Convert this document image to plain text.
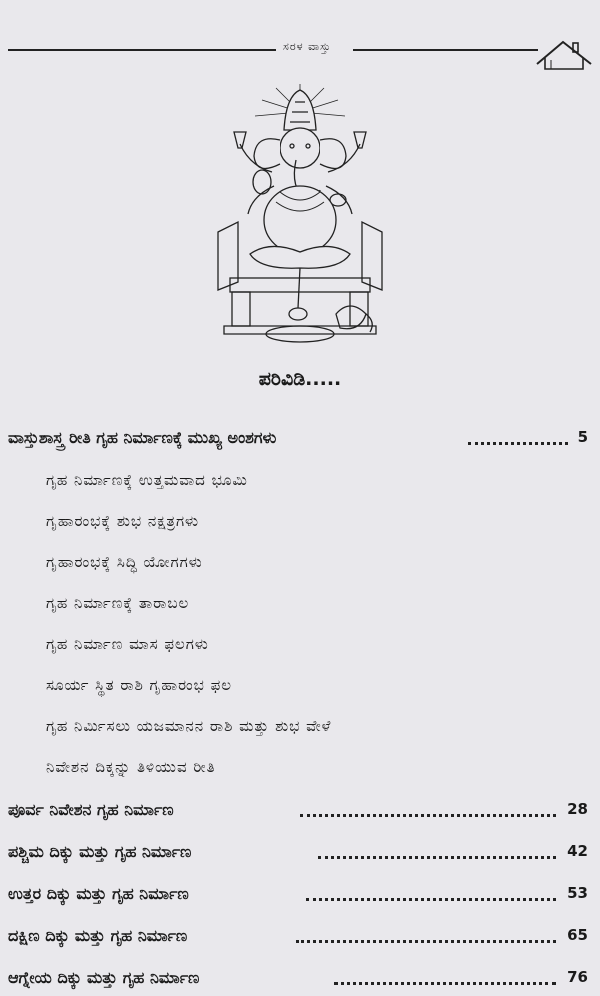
ಸರಳ ವಾಸ್ತು
ಪರಿವಿಡಿ.....
ವಾಸ್ತುಶಾಸ್ತ್ರ ರೀತಿ ಗೃಹ ನಿರ್ಮಾಣಕ್ಕೆ ಮುಖ್ಯ ಅಂಶಗಳು	5
ಗೃಹ ನಿರ್ಮಾಣಕ್ಕೆ ಉತ್ತಮವಾದ ಭೂಮಿ
ಗೃಹಾರಂಭಕ್ಕೆ ಶುಭ ನಕ್ಷತ್ರಗಳು
ಗೃಹಾರಂಭಕ್ಕೆ ಸಿದ್ಧಿ ಯೋಗಗಳು
ಗೃಹ ನಿರ್ಮಾಣಕ್ಕೆ ತಾರಾಬಲ
ಗೃಹ ನಿರ್ಮಾಣ ಮಾಸ ಫಲಗಳು
ಸೂರ್ಯ ಸ್ಥಿತ ರಾಶಿ ಗೃಹಾರಂಭ ಫಲ
ಗೃಹ ನಿರ್ಮಿಸಲು ಯಜಮಾನನ ರಾಶಿ ಮತ್ತು ಶುಭ ವೇಳೆ
ನಿವೇಶನ ದಿಕ್ಕನ್ನು ತಿಳಿಯುವ ರೀತಿ
ಪೂರ್ವ ನಿವೇಶನ ಗೃಹ ನಿರ್ಮಾಣ	28
ಪಶ್ಚಿಮ ದಿಕ್ಕು ಮತ್ತು ಗೃಹ ನಿರ್ಮಾಣ	42
ಉತ್ತರ ದಿಕ್ಕು ಮತ್ತು ಗೃಹ ನಿರ್ಮಾಣ	53
ದಕ್ಷಿಣ ದಿಕ್ಕು ಮತ್ತು ಗೃಹ ನಿರ್ಮಾಣ	65
ಆಗ್ನೇಯ ದಿಕ್ಕು ಮತ್ತು ಗೃಹ ನಿರ್ಮಾಣ	76
